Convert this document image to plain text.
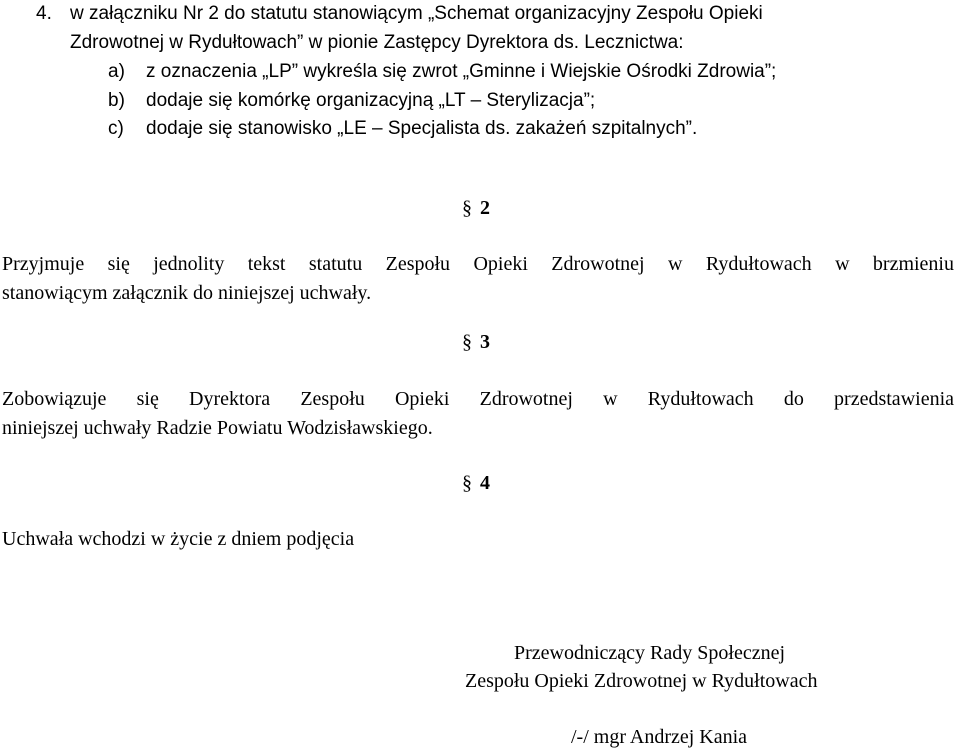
4. w załączniku Nr 2 do statutu stanowiącym „Schemat organizacyjny Zespołu Opieki
Zdrowotnej w Rydułtowach” w pionie Zastępcy Dyrektora ds. Lecznictwa:
a) z oznaczenia „LP” wykreśla się zwrot „Gminne i Wiejskie Ośrodki Zdrowia”;
b) dodaje się komórkę organizacyjną „LT – Sterylizacja”;
c) dodaje się stanowisko „LE – Specjalista ds. zakażeń szpitalnych”.
§ 2
Przyjmuje się jednolity tekst statutu Zespołu Opieki Zdrowotnej w Rydułtowach w brzmieniu
stanowiącym załącznik do niniejszej uchwały.
§ 3
Zobowiązuje się Dyrektora Zespołu Opieki Zdrowotnej w Rydułtowach do przedstawienia
niniejszej uchwały Radzie Powiatu Wodzisławskiego.
§ 4
Uchwała wchodzi w życie z dniem podjęcia
Przewodniczący Rady Społecznej
Zespołu Opieki Zdrowotnej w Rydułtowach
/-/ mgr Andrzej Kania
